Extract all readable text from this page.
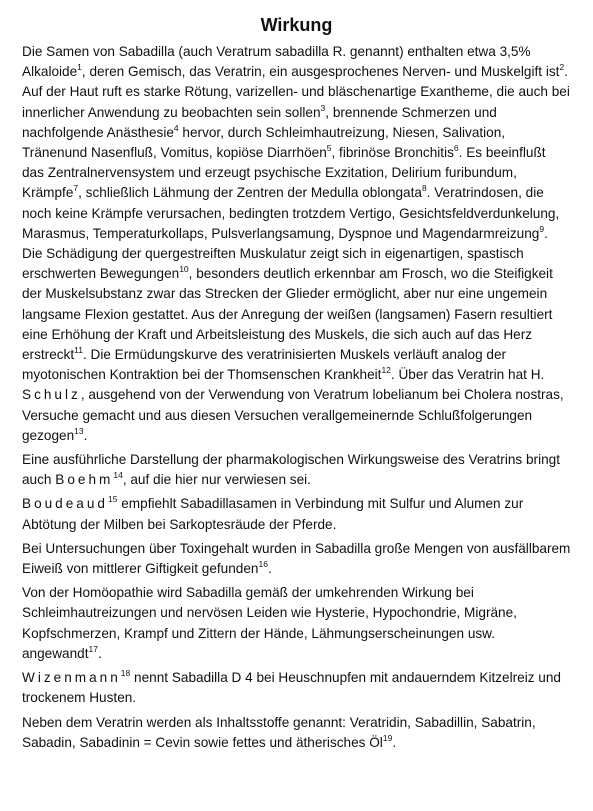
Wirkung

Die Samen von Sabadilla (auch Veratrum sabadilla R. genannt) enthalten etwa 3,5% Alkaloide$^1$, deren Gemisch, das Veratrin, ein ausgesprochenes Nerven- und Muskelgift ist$^2$. Auf der Haut ruft es starke Rötung, varizellen- und bläschenartige Exantheme, die auch bei innerlicher Anwendung zu beobachten sein sollen$^3$, brennende Schmerzen und nachfolgende Anästhesie$^4$ hervor, durch Schleimhautreizung, Niesen, Salivation, Tränenund Nasenfluß, Vomitus, kopiöse Diarrhöen$^5$, fibrinöse Bronchitis$^6$. Es beeinflußt das Zentralnervensystem und erzeugt psychische Exzitation, Delirium furibundum, Krämpfe$^7$, schließlich Lähmung der Zentren der Medulla oblongata$^8$. Veratrindosen, die noch keine Krämpfe verursachen, bedingten trotzdem Vertigo, Gesichtsfeldverdunkelung, Marasmus, Temperaturkollaps, Pulsverlangsamung, Dyspnoe und Magendarmreizung$^9$. Die Schädigung der quergestreiften Muskulatur zeigt sich in eigenartigen, spastisch erschwerten Bewegungen$^{10}$, besonders deutlich erkennbar am Frosch, wo die Steifigkeit der Muskelsubstanz zwar das Strecken der Glieder ermöglicht, aber nur eine ungemein langsame Flexion gestattet. Aus der Anregung der weißen (langsamen) Fasern resultiert eine Erhöhung der Kraft und Arbeitsleistung des Muskels, die sich auch auf das Herz erstreckt$^{11}$. Die Ermüdungskurve des veratrinisierten Muskels verläuft analog der myotonischen Kontraktion bei der Thomsenschen Krankheit$^{12}$. Über das Veratrin hat H. Schulz, ausgehend von der Verwendung von Veratrum lobelianum bei Cholera nostras, Versuche gemacht und aus diesen Versuchen verallgemeinernde Schlußfolgerungen gezogen$^{13}$.

Eine ausführliche Darstellung der pharmakologischen Wirkungsweise des Veratrins bringt auch Boehm$^{14}$, auf die hier nur verwiesen sei.

Boudeaud$^{15}$ empfiehlt Sabadillasamen in Verbindung mit Sulfur und Alumen zur Abtötung der Milben bei Sarkoptesräude der Pferde.

Bei Untersuchungen über Toxingehalt wurden in Sabadilla große Mengen von ausfällbarem Eiweiß von mittlerer Giftigkeit gefunden$^{16}$.

Von der Homöopathie wird Sabadilla gemäß der umkehrenden Wirkung bei Schleimhautreizungen und nervösen Leiden wie Hysterie, Hypochondrie, Migräne, Kopfschmerzen, Krampf und Zittern der Hände, Lähmungserscheinungen usw. angewandt$^{17}$.

Wizenmann$^{18}$ nennt Sabadilla D 4 bei Heuschnupfen mit andauerndem Kitzelreiz und trockenem Husten.

Neben dem Veratrin werden als Inhaltsstoffe genannt: Veratridin, Sabadillin, Sabatrin, Sabadin, Sabadinin = Cevin sowie fettes und ätherisches $Öl^{19}$.
